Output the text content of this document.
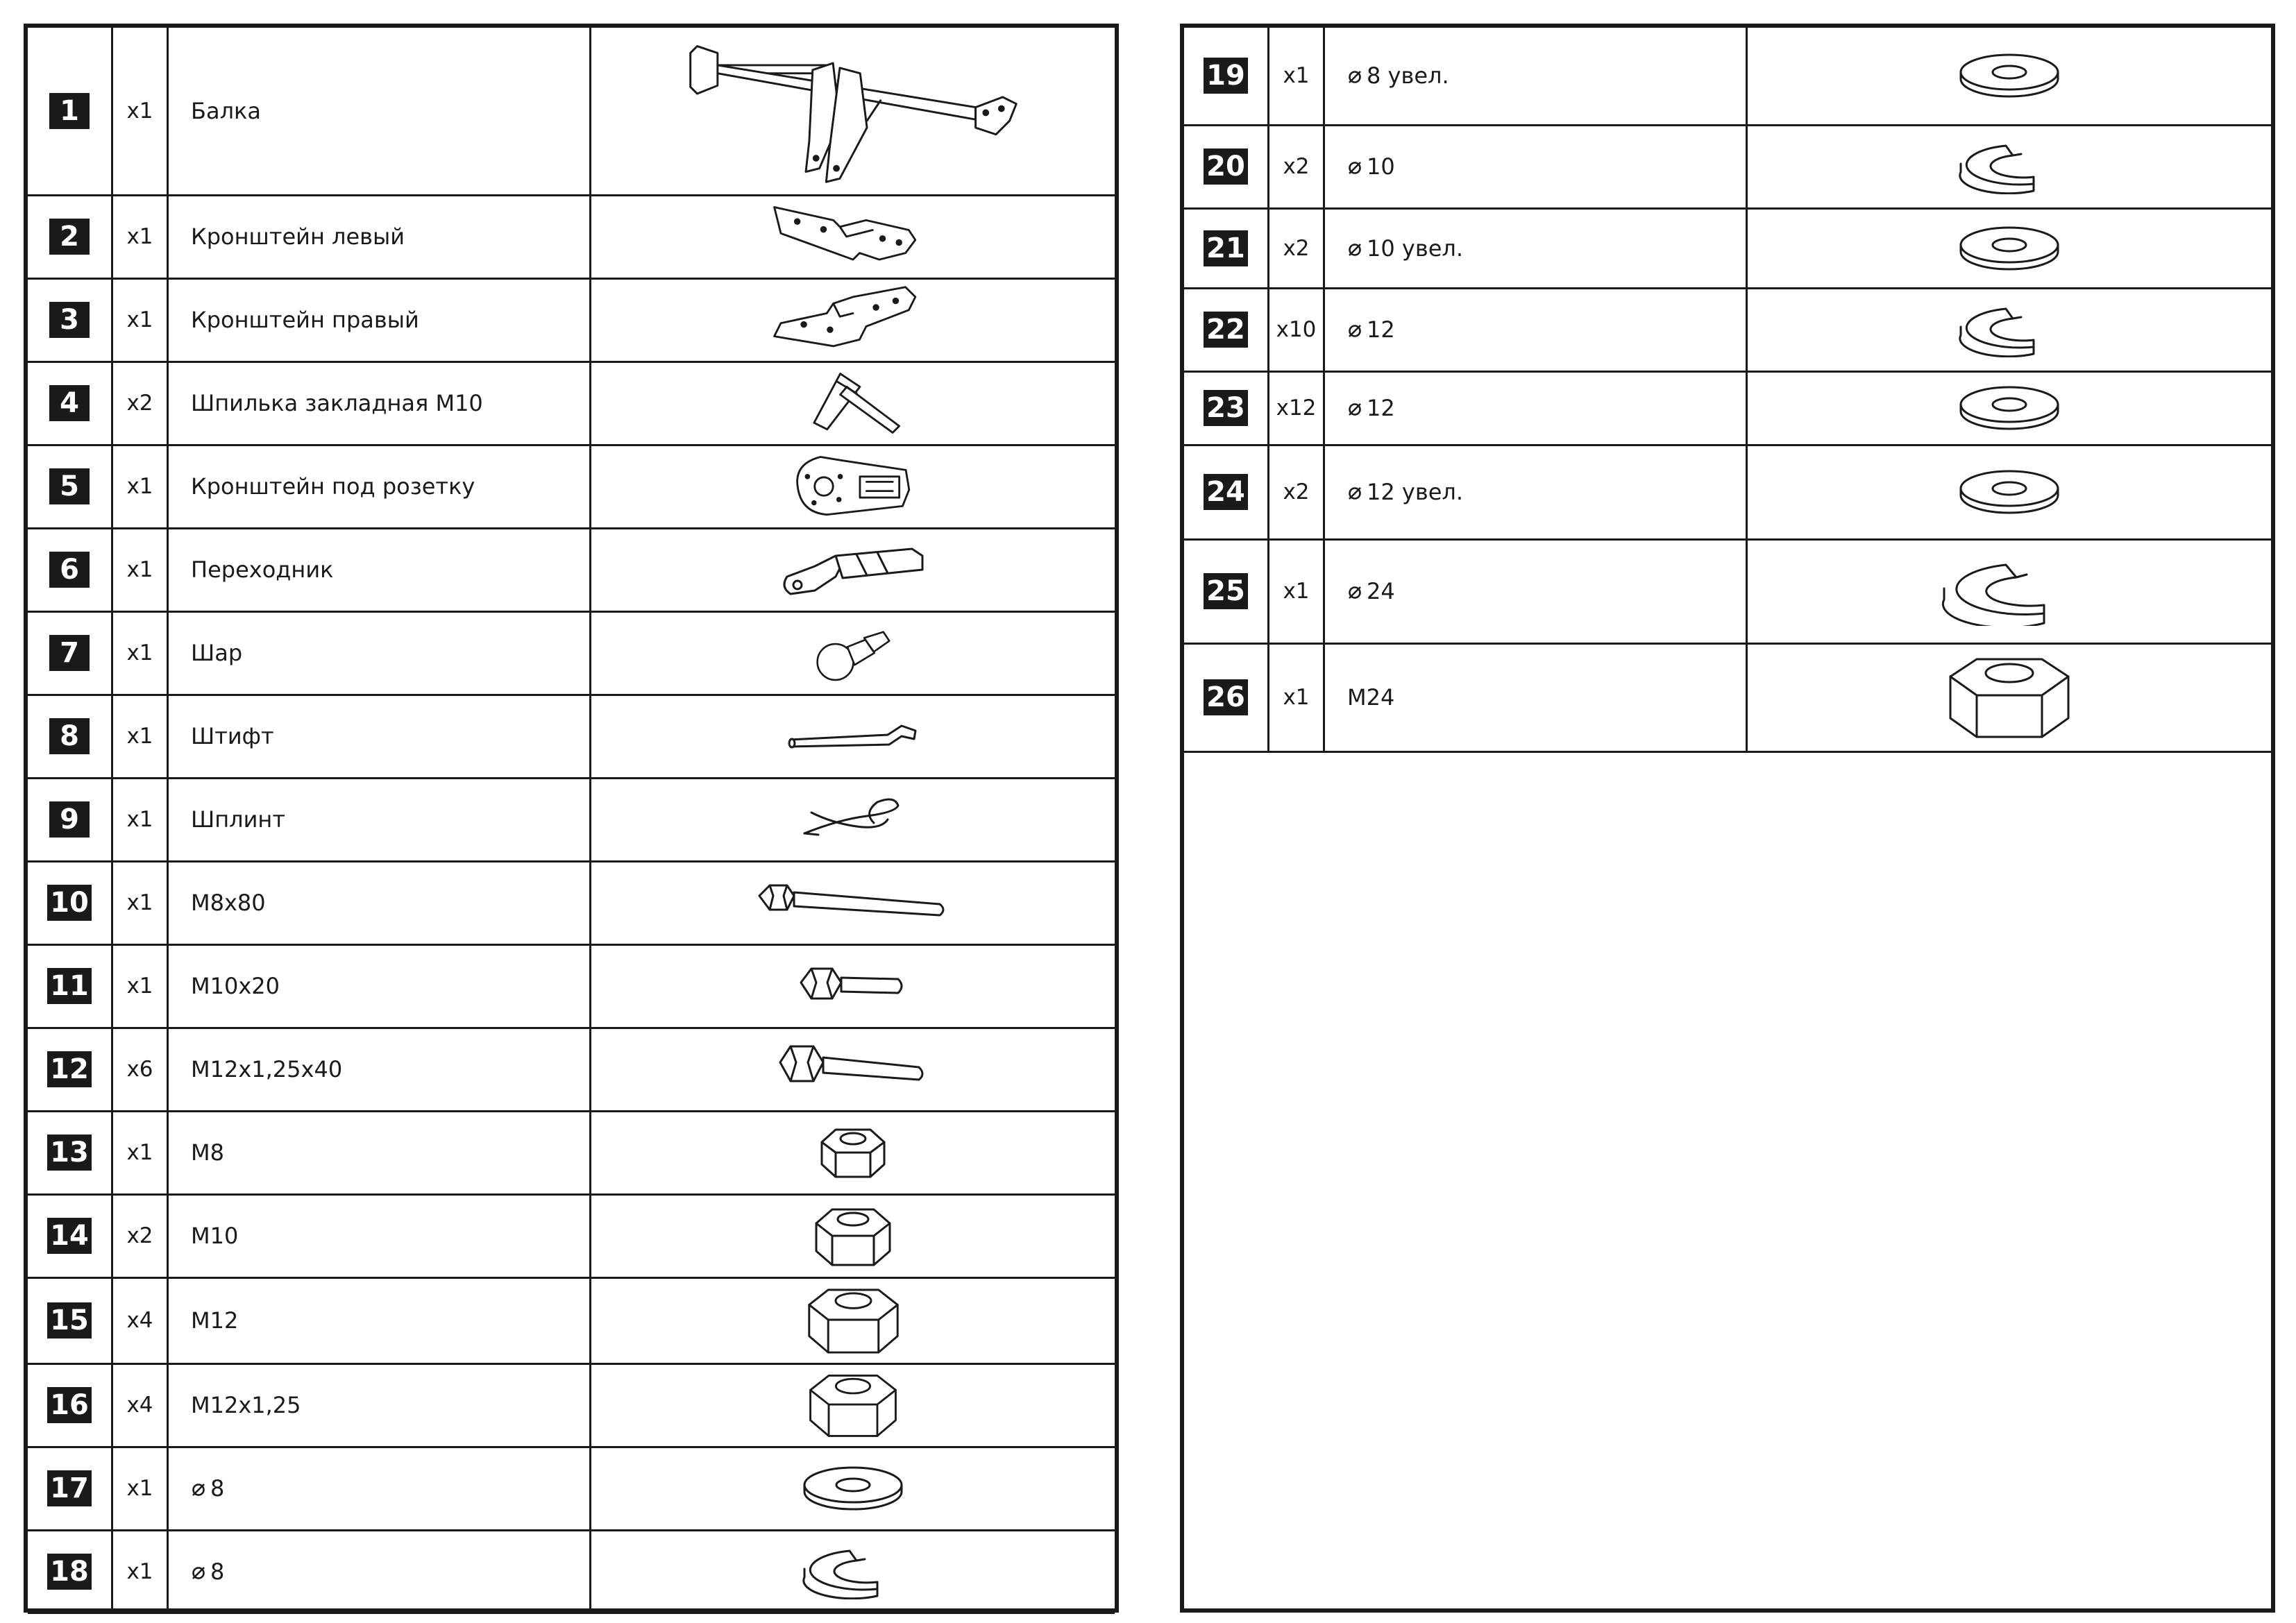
1	x1	Балка	

2	x1	Кронштейн левый	

3	x1	Кронштейн правый	

4	x2	Шпилька закладная М10	

5	x1	Кронштейн под розетку	

6	x1	Переходник	

7	x1	Шар	

8	x1	Штифт	

9	x1	Шплинт	

10	x1	M8x80	

11	x1	M10x20	

12	x6	M12x1,25x40	

13	x1	M8	

14	x2	M10	

15	x4	M12	

16	x4	M12x1,25	

17	x1	8	

18	x1	8	
19	x1	8 увел.	

20	x2	10	

21	x2	10 увел.	

22	x10	12	

23	x12	12	

24	x2	12 увел.	

25	x1	24	

26	x1	M24	
